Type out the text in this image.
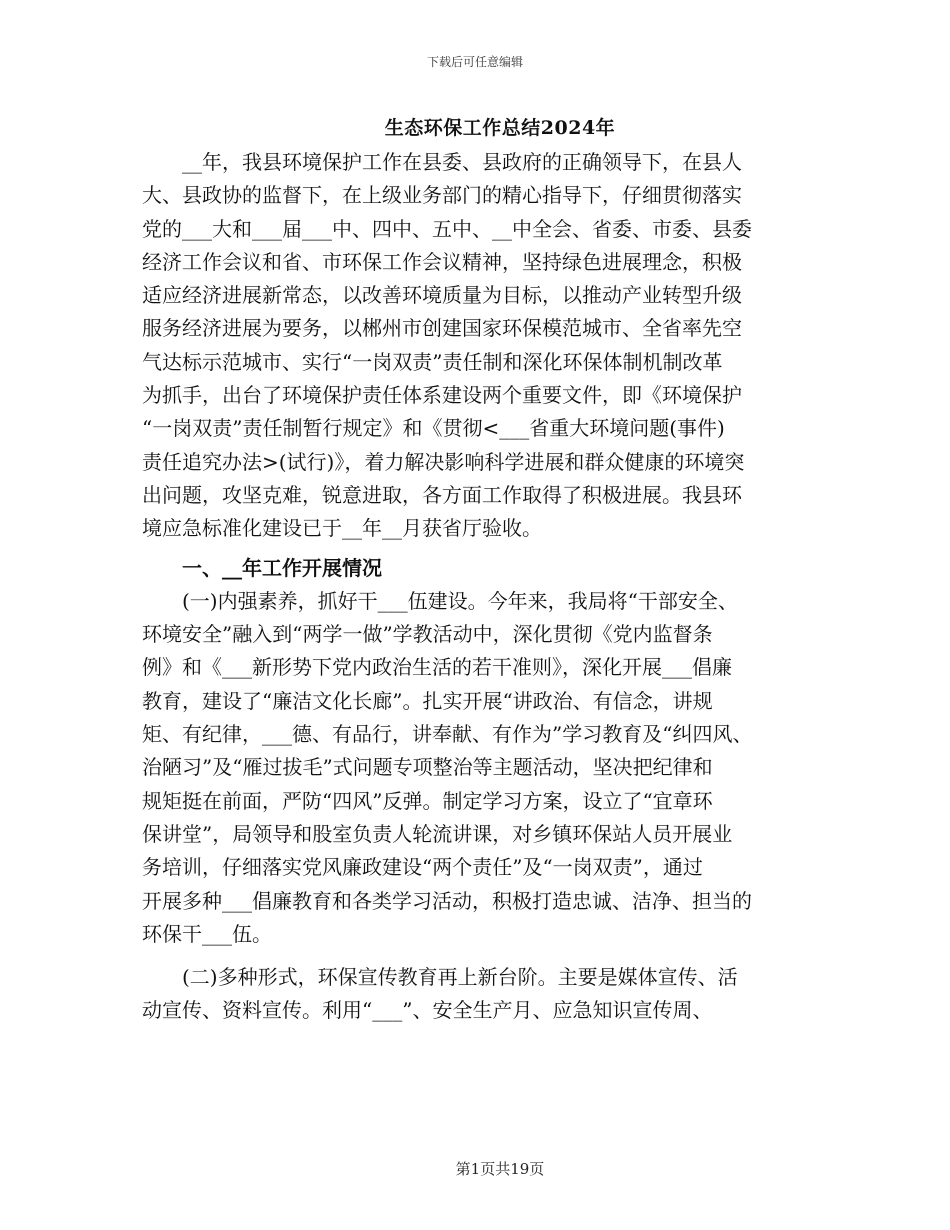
下载后可任意编辑
生态环保工作总结2024年
__年，我县环境保护工作在县委、县政府的正确领导下，在县人
大、县政协的监督下，在上级业务部门的精心指导下，仔细贯彻落实
党的___大和___届___中、四中、五中、__中全会、省委、市委、县委
经济工作会议和省、市环保工作会议精神，坚持绿色进展理念，积极
适应经济进展新常态，以改善环境质量为目标，以推动产业转型升级
服务经济进展为要务，以郴州市创建国家环保模范城市、全省率先空
气达标示范城市、实行“一岗双责”责任制和深化环保体制机制改革
为抓手，出台了环境保护责任体系建设两个重要文件，即《环境保护
“一岗双责”责任制暂行规定》和《贯彻<___省重大环境问题(事件)
责任追究办法>(试行)》，着力解决影响科学进展和群众健康的环境突
出问题，攻坚克难，锐意进取，各方面工作取得了积极进展。我县环
境应急标准化建设已于__年__月获省厅验收。
一、__年工作开展情况
(一)内强素养，抓好干___伍建设。今年来，我局将“干部安全、
环境安全”融入到“两学一做”学教活动中，深化贯彻《党内监督条
例》和《___新形势下党内政治生活的若干准则》，深化开展___倡廉
教育，建设了“廉洁文化长廊”。扎实开展“讲政治、有信念，讲规
矩、有纪律，___德、有品行，讲奉献、有作为”学习教育及“纠四风、
治陋习”及“雁过拔毛”式问题专项整治等主题活动，坚决把纪律和
规矩挺在前面，严防“四风”反弹。制定学习方案，设立了“宜章环
保讲堂”，局领导和股室负责人轮流讲课，对乡镇环保站人员开展业
务培训，仔细落实党风廉政建设“两个责任”及“一岗双责”，通过
开展多种___倡廉教育和各类学习活动，积极打造忠诚、洁净、担当的
环保干___伍。
(二)多种形式，环保宣传教育再上新台阶。主要是媒体宣传、活
动宣传、资料宣传。利用“___”、安全生产月、应急知识宣传周、
第1页共19页
